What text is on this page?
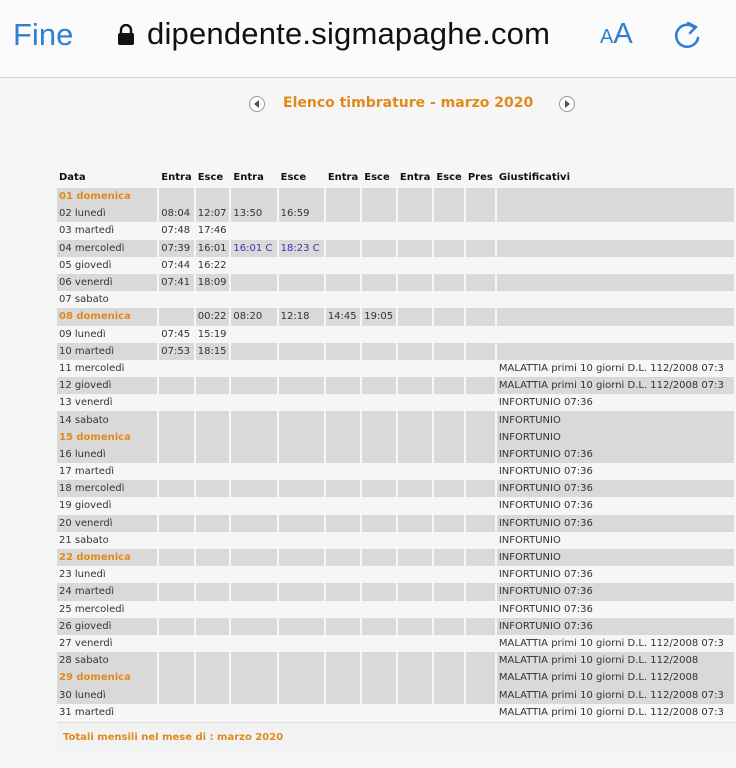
Fine dipendente.sigmapaghe.com AA
Elenco timbrature - marzo 2020
Data	Entra	Esce	Entra	Esce	Entra	Esce	Entra	Esce	Pres	Giustificativi
01 domenica										
02 lunedì	08:04	12:07	13:50	16:59						
03 martedì	07:48	17:46								
04 mercoledì	07:39	16:01	16:01 C	18:23 C						
05 giovedì	07:44	16:22								
06 venerdì	07:41	18:09								
07 sabato										
08 domenica		00:22	08:20	12:18	14:45	19:05				
09 lunedì	07:45	15:19								
10 martedì	07:53	18:15								
11 mercoledì										MALATTIA primi 10 giorni D.L. 112/2008 07:3
12 giovedì										MALATTIA primi 10 giorni D.L. 112/2008 07:3
13 venerdì										INFORTUNIO 07:36
14 sabato										INFORTUNIO
15 domenica										INFORTUNIO
16 lunedì										INFORTUNIO 07:36
17 martedì										INFORTUNIO 07:36
18 mercoledì										INFORTUNIO 07:36
19 giovedì										INFORTUNIO 07:36
20 venerdì										INFORTUNIO 07:36
21 sabato										INFORTUNIO
22 domenica										INFORTUNIO
23 lunedì										INFORTUNIO 07:36
24 martedì										INFORTUNIO 07:36
25 mercoledì										INFORTUNIO 07:36
26 giovedì										INFORTUNIO 07:36
27 venerdì										MALATTIA primi 10 giorni D.L. 112/2008 07:3
28 sabato										MALATTIA primi 10 giorni D.L. 112/2008
29 domenica										MALATTIA primi 10 giorni D.L. 112/2008
30 lunedì										MALATTIA primi 10 giorni D.L. 112/2008 07:3
31 martedì										MALATTIA primi 10 giorni D.L. 112/2008 07:3
Totali mensili nel mese di : marzo 2020
